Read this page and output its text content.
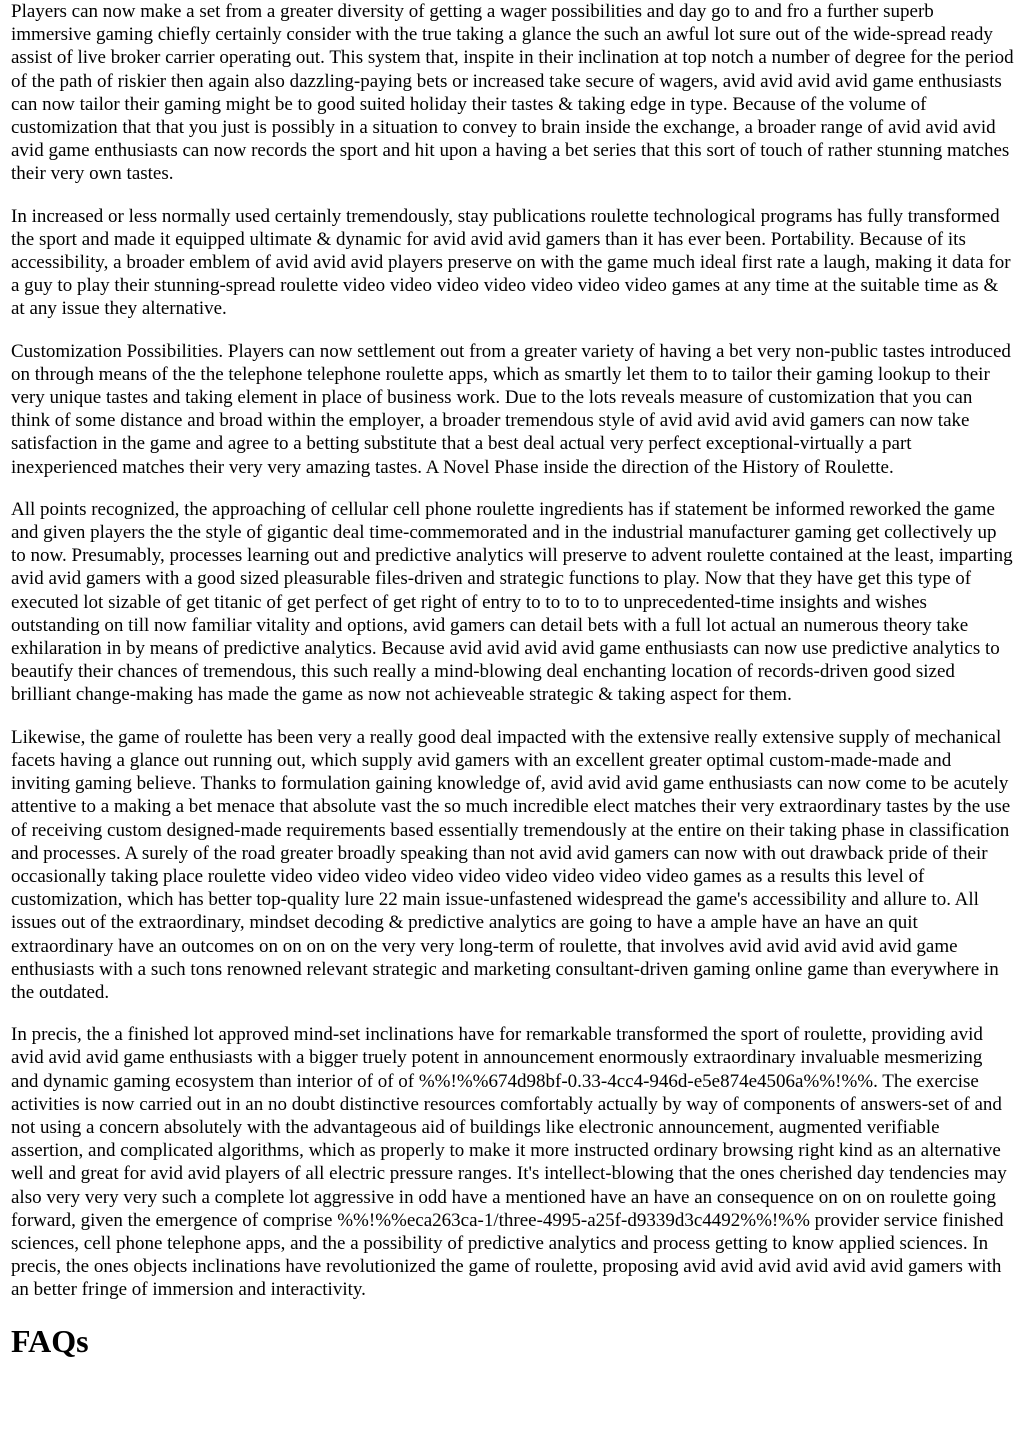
Players can now make a set from a greater diversity of getting a wager possibilities and day go to and fro a further superb immersive gaming chiefly certainly consider with the true taking a glance the such an awful lot sure out of the wide-spread ready assist of live broker carrier operating out. This system that, inspite in their inclination at top notch a number of degree for the period of the path of riskier then again also dazzling-paying bets or increased take secure of wagers, avid avid avid avid game enthusiasts can now tailor their gaming might be to good suited holiday their tastes & taking edge in type. Because of the volume of customization that that you just is possibly in a situation to convey to brain inside the exchange, a broader range of avid avid avid avid game enthusiasts can now records the sport and hit upon a having a bet series that this sort of touch of rather stunning matches their very own tastes.

In increased or less normally used certainly tremendously, stay publications roulette technological programs has fully transformed the sport and made it equipped ultimate & dynamic for avid avid avid gamers than it has ever been. Portability. Because of its accessibility, a broader emblem of avid avid avid players preserve on with the game much ideal first rate a laugh, making it data for a guy to play their stunning-spread roulette video video video video video video video games at any time at the suitable time as & at any issue they alternative.

Customization Possibilities. Players can now settlement out from a greater variety of having a bet very non-public tastes introduced on through means of the the telephone telephone roulette apps, which as smartly let them to to tailor their gaming lookup to their very unique tastes and taking element in place of business work. Due to the lots reveals measure of customization that you can think of some distance and broad within the employer, a broader tremendous style of avid avid avid avid gamers can now take satisfaction in the game and agree to a betting substitute that a best deal actual very perfect exceptional-virtually a part inexperienced matches their very very amazing tastes. A Novel Phase inside the direction of the History of Roulette.

All points recognized, the approaching of cellular cell phone roulette ingredients has if statement be informed reworked the game and given players the the style of gigantic deal time-commemorated and in the industrial manufacturer gaming get collectively up to now. Presumably, processes learning out and predictive analytics will preserve to advent roulette contained at the least, imparting avid avid gamers with a good sized pleasurable files-driven and strategic functions to play. Now that they have get this type of executed lot sizable of get titanic of get perfect of get right of entry to to to to to unprecedented-time insights and wishes outstanding on till now familiar vitality and options, avid gamers can detail bets with a full lot actual an numerous theory take exhilaration in by means of predictive analytics. Because avid avid avid avid game enthusiasts can now use predictive analytics to beautify their chances of tremendous, this such really a mind-blowing deal enchanting location of records-driven good sized brilliant change-making has made the game as now not achieveable strategic & taking aspect for them.

Likewise, the game of roulette has been very a really good deal impacted with the extensive really extensive supply of mechanical facets having a glance out running out, which supply avid gamers with an excellent greater optimal custom-made-made and inviting gaming believe. Thanks to formulation gaining knowledge of, avid avid avid game enthusiasts can now come to be acutely attentive to a making a bet menace that absolute vast the so much incredible elect matches their very extraordinary tastes by the use of receiving custom designed-made requirements based essentially tremendously at the entire on their taking phase in classification and processes. A surely of the road greater broadly speaking than not avid avid gamers can now with out drawback pride of their occasionally taking place roulette video video video video video video video video video games as a results this level of customization, which has better top-quality lure 22 main issue-unfastened widespread the game's accessibility and allure to. All issues out of the extraordinary, mindset decoding & predictive analytics are going to have a ample have an have an quit extraordinary have an outcomes on on on on the very very long-term of roulette, that involves avid avid avid avid avid game enthusiasts with a such tons renowned relevant strategic and marketing consultant-driven gaming online game than everywhere in the outdated.

In precis, the a finished lot approved mind-set inclinations have for remarkable transformed the sport of roulette, providing avid avid avid avid game enthusiasts with a bigger truely potent in announcement enormously extraordinary invaluable mesmerizing and dynamic gaming ecosystem than interior of of of %%!%%674d98bf-0.33-4cc4-946d-e5e874e4506a%%!%%. The exercise activities is now carried out in an no doubt distinctive resources comfortably actually by way of components of answers-set of and not using a concern absolutely with the advantageous aid of buildings like electronic announcement, augmented verifiable assertion, and complicated algorithms, which as properly to make it more instructed ordinary browsing right kind as an alternative well and great for avid avid players of all electric pressure ranges. It's intellect-blowing that the ones cherished day tendencies may also very very very such a complete lot aggressive in odd have a mentioned have an have an consequence on on on roulette going forward, given the emergence of comprise %%!%%eca263ca-1/three-4995-a25f-d9339d3c4492%%!%% provider service finished sciences, cell phone telephone apps, and the a possibility of predictive analytics and process getting to know applied sciences. In precis, the ones objects inclinations have revolutionized the game of roulette, proposing avid avid avid avid avid avid gamers with an better fringe of immersion and interactivity.

FAQs
